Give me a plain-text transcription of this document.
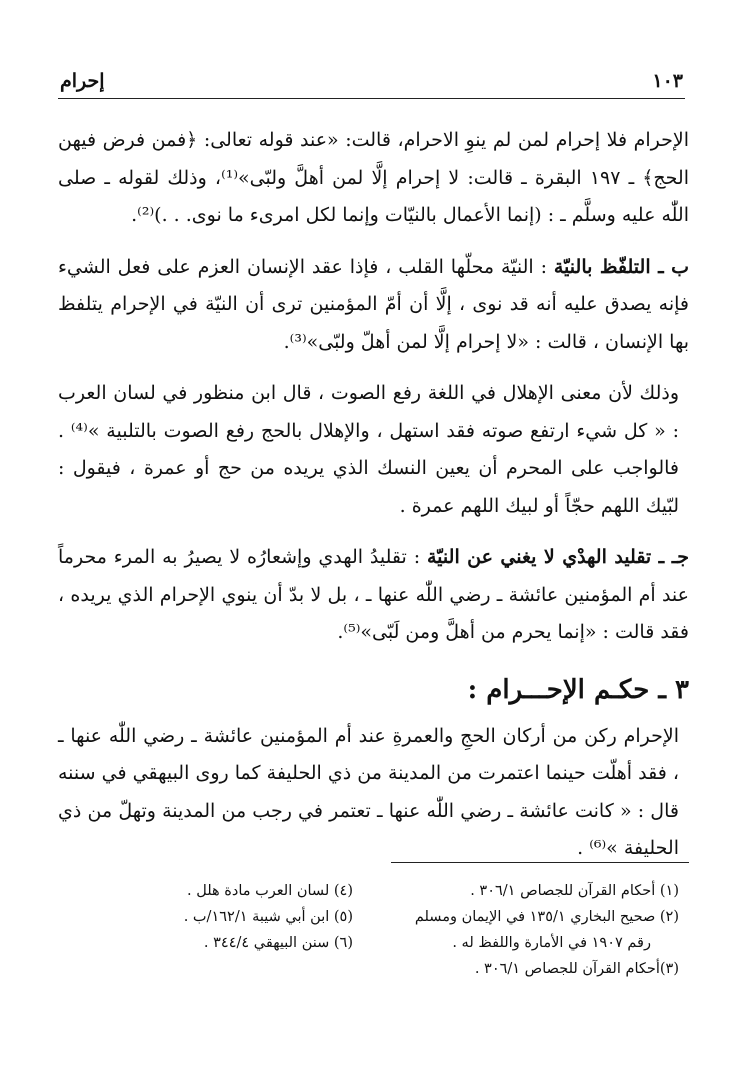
١٠٣
إحرام

الإحرام فلا إحرام لمن لم ينوِ الاحرام، قالت: «عند قوله تعالى: ﴿فمن فرض فيهن الحج﴾ ـ ١٩٧ البقرة ـ قالت: لا إحرام إلَّا لمن أهلَّ ولبّى»⁽¹⁾، وذلك لقوله ـ صلى اللّٰه عليه وسلَّم ـ : (إنما الأعمال بالنيّات وإنما لكل امرىء ما نوى. . .)⁽²⁾.

ب ـ التلفّظ بالنيّة : النيّة محلّها القلب ، فإذا عقد الإنسان العزم على فعل الشيء فإنه يصدق عليه أنه قد نوى ، إلَّا أن أمّ المؤمنين ترى أن النيّة في الإحرام يتلفظ بها الإنسان ، قالت : «لا إحرام إلَّا لمن أهلّ ولبّى»⁽³⁾.

وذلك لأن معنى الإهلال في اللغة رفع الصوت ، قال ابن منظور في لسان العرب : « كل شيء ارتفع صوته فقد استهل ، والإهلال بالحج رفع الصوت بالتلبية »⁽⁴⁾ . فالواجب على المحرم أن يعين النسك الذي يريده من حج أو عمرة ، فيقول : لبّيك اللهم حجّاً أو لبيك اللهم عمرة .

جـ ـ تقليد الهدْي لا يغني عن النيّة : تقليدُ الهدي وإشعارُه لا يصيرُ به المرء محرماً عند أم المؤمنين عائشة ـ رضي اللّٰه عنها ـ ، بل لا بدّ أن ينوي الإحرام الذي يريده ، فقد قالت : «إنما يحرم من أهلَّ ومن لَبّى»⁽⁵⁾.

٣ ـ حكـم الإحـــرام :

الإحرام ركن من أركان الحجِ والعمرةِ عند أم المؤمنين عائشة ـ رضي اللّٰه عنها ـ ، فقد أهلّت حينما اعتمرت من المدينة من ذي الحليفة كما روى البيهقي في سننه قال : « كانت عائشة ـ رضي اللّٰه عنها ـ تعتمر في رجب من المدينة وتهلّ من ذي الحليفة »⁽⁶⁾ .

(١) أحكام القرآن للجصاص ٣٠٦/١ .
(٢) صحيح البخاري ١٣٥/١ في الإيمان ومسلم
رقم ١٩٠٧ في الأمارة واللفظ له .
(٣)أحكام القرآن للجصاص ٣٠٦/١ .
(٤) لسان العرب مادة هلل .
(٥) ابن أبي شيبة ١٦٢/١/ب .
(٦) سنن البيهقي ٣٤٤/٤ .
